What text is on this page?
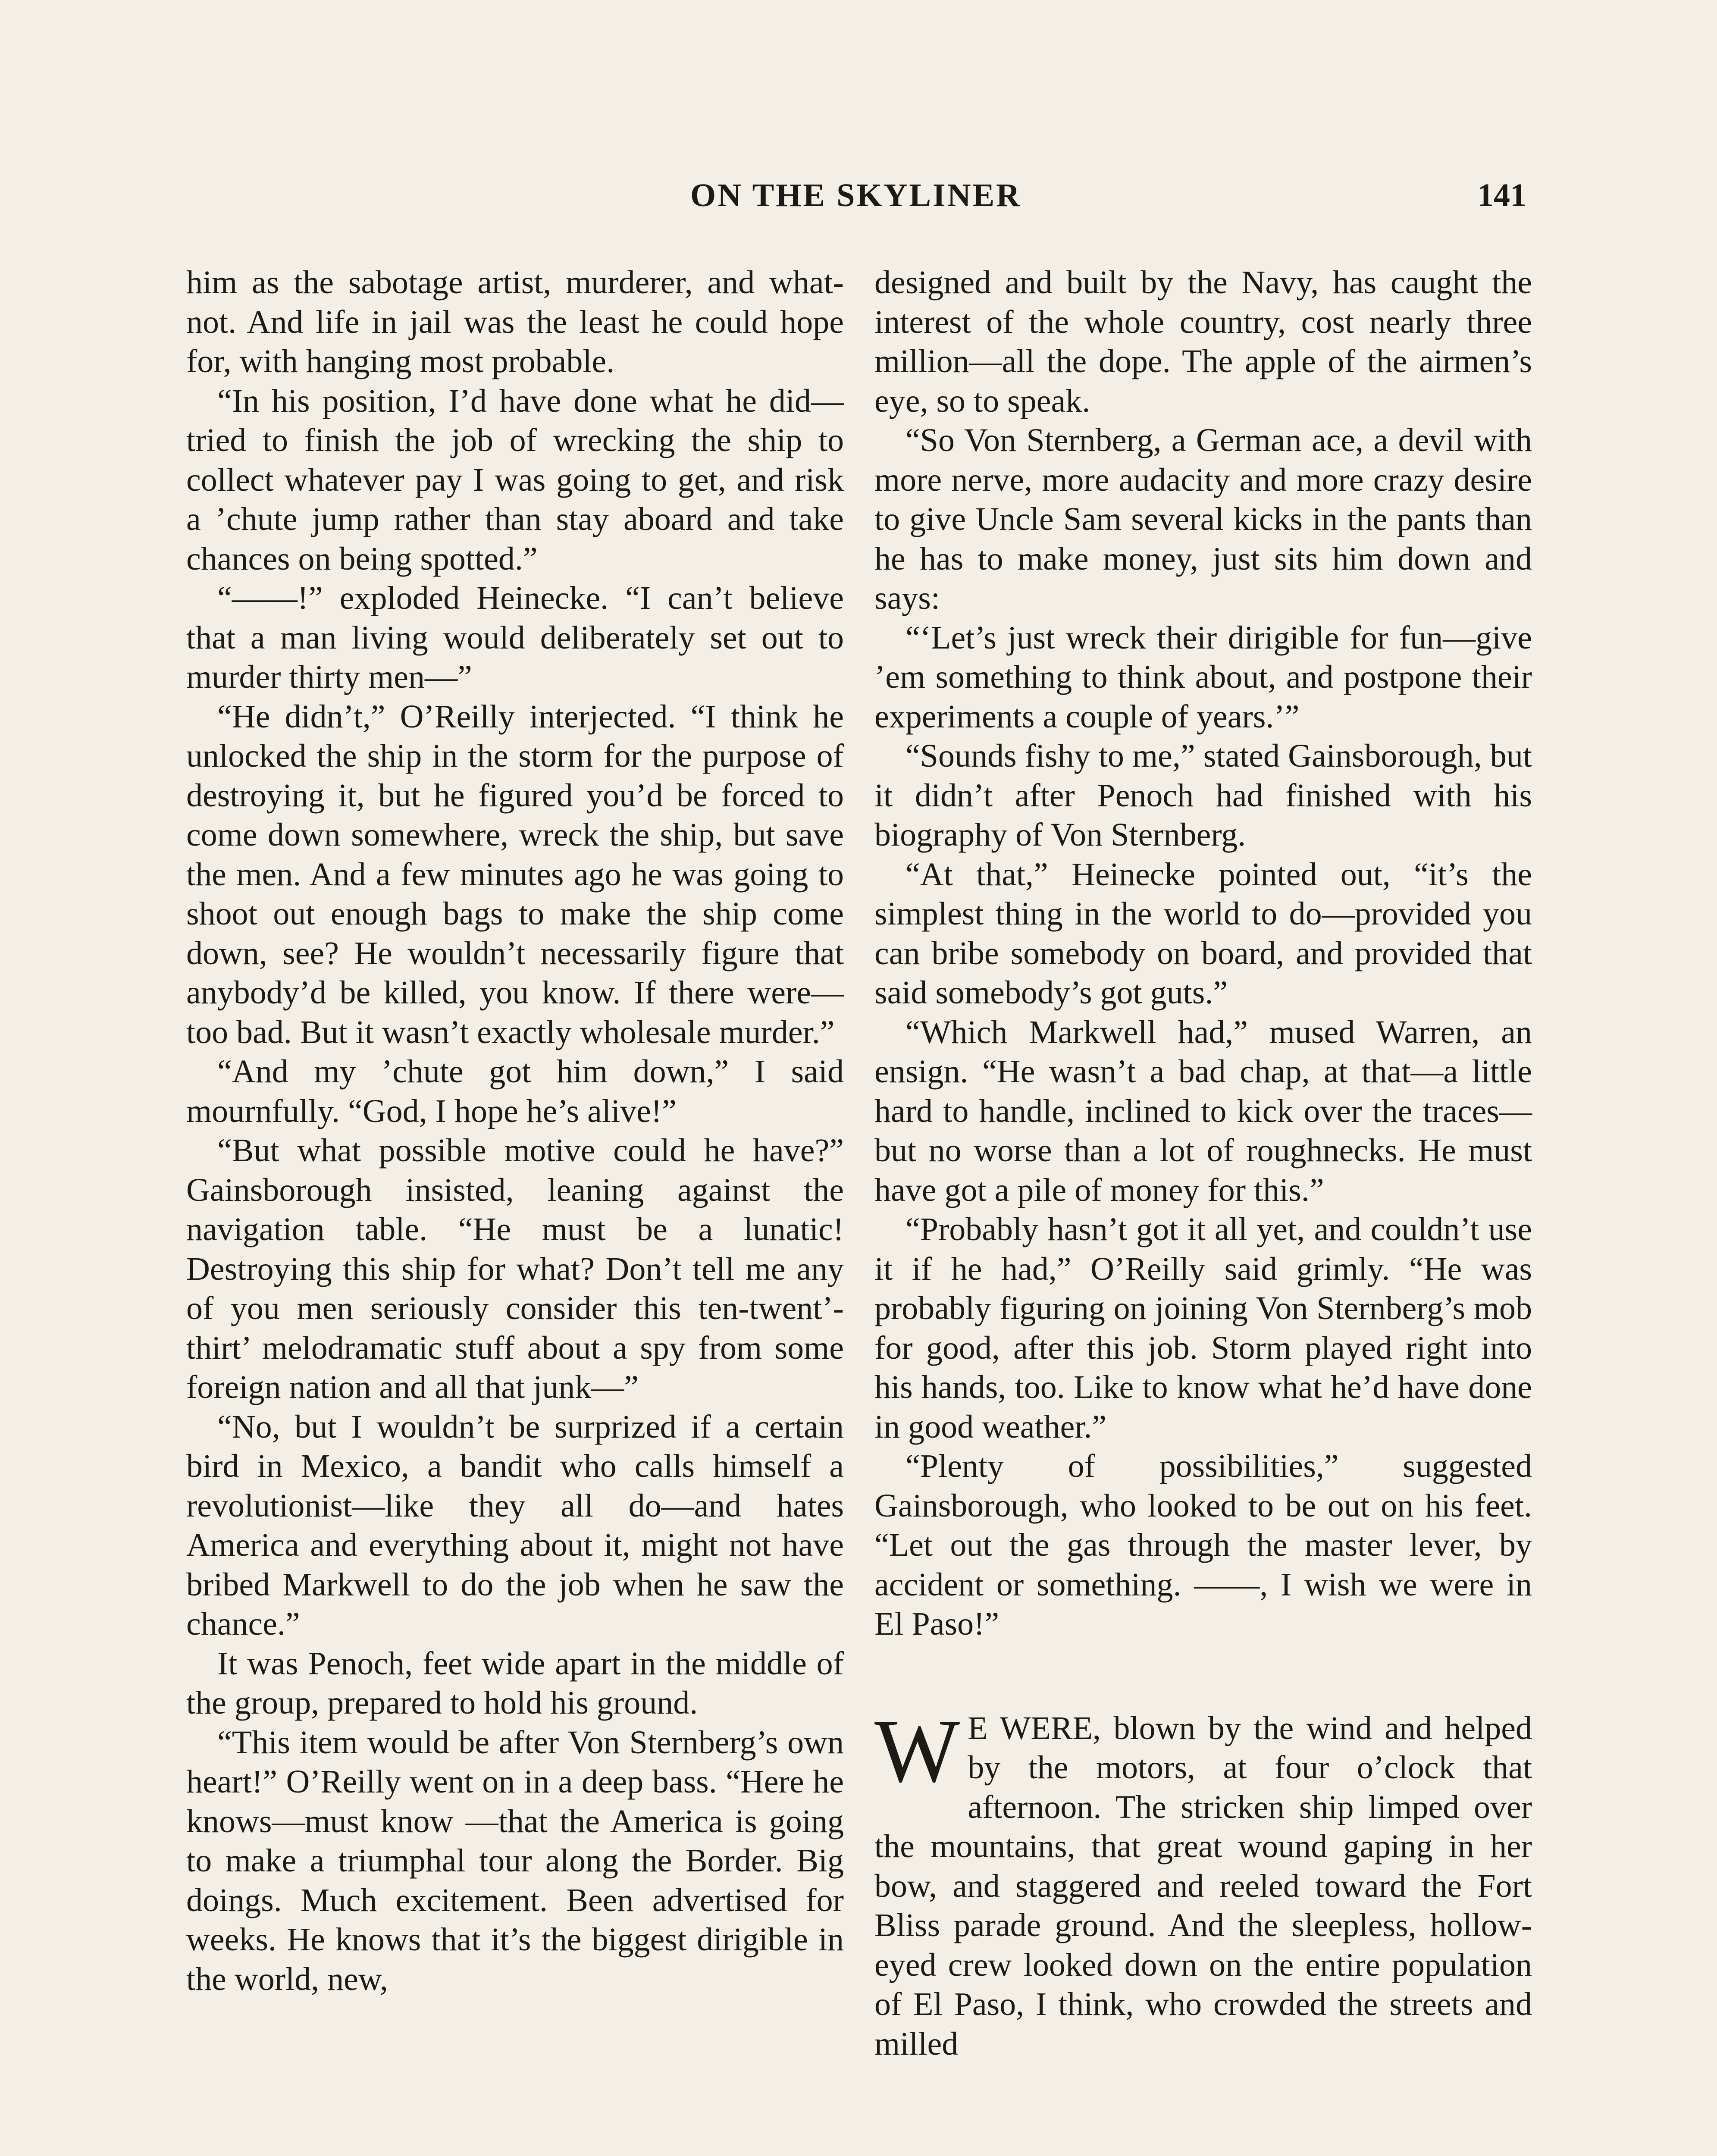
ON THE SKYLINER	141

him as the sabotage artist, murderer, and what-not. And life in jail was the least he could hope for, with hanging most probable.

“In his position, I’d have done what he did—tried to finish the job of wrecking the ship to collect whatever pay I was going to get, and risk a ’chute jump rather than stay aboard and take chances on being spotted.”

“——!” exploded Heinecke. “I can’t believe that a man living would deliberately set out to murder thirty men—”

“He didn’t,” O’Reilly interjected. “I think he unlocked the ship in the storm for the purpose of destroying it, but he figured you’d be forced to come down somewhere, wreck the ship, but save the men. And a few minutes ago he was going to shoot out enough bags to make the ship come down, see? He wouldn’t necessarily figure that anybody’d be killed, you know. If there were—too bad. But it wasn’t exactly wholesale murder.”

“And my ’chute got him down,” I said mournfully. “God, I hope he’s alive!”

“But what possible motive could he have?” Gainsborough insisted, leaning against the navigation table. “He must be a lunatic! Destroying this ship for what? Don’t tell me any of you men seriously consider this ten-twent’-thirt’ melodramatic stuff about a spy from some foreign nation and all that junk—”

“No, but I wouldn’t be surprized if a certain bird in Mexico, a bandit who calls himself a revolutionist—like they all do—and hates America and everything about it, might not have bribed Markwell to do the job when he saw the chance.”

It was Penoch, feet wide apart in the middle of the group, prepared to hold his ground.

“This item would be after Von Sternberg’s own heart!” O’Reilly went on in a deep bass. “Here he knows—must know —that the America is going to make a triumphal tour along the Border. Big doings. Much excitement. Been advertised for weeks. He knows that it’s the biggest dirigible in the world, new,

designed and built by the Navy, has caught the interest of the whole country, cost nearly three million—all the dope. The apple of the airmen’s eye, so to speak.

“So Von Sternberg, a German ace, a devil with more nerve, more audacity and more crazy desire to give Uncle Sam several kicks in the pants than he has to make money, just sits him down and says:

“‘Let’s just wreck their dirigible for fun—give ’em something to think about, and postpone their experiments a couple of years.’”

“Sounds fishy to me,” stated Gainsborough, but it didn’t after Penoch had finished with his biography of Von Sternberg.

“At that,” Heinecke pointed out, “it’s the simplest thing in the world to do—provided you can bribe somebody on board, and provided that said somebody’s got guts.”

“Which Markwell had,” mused Warren, an ensign. “He wasn’t a bad chap, at that—a little hard to handle, inclined to kick over the traces—but no worse than a lot of roughnecks. He must have got a pile of money for this.”

“Probably hasn’t got it all yet, and couldn’t use it if he had,” O’Reilly said grimly. “He was probably figuring on joining Von Sternberg’s mob for good, after this job. Storm played right into his hands, too. Like to know what he’d have done in good weather.”

“Plenty of possibilities,” suggested Gainsborough, who looked to be out on his feet. “Let out the gas through the master lever, by accident or something. ——, I wish we were in El Paso!”

W E WERE, blown by the wind and helped by the motors, at four o’clock that afternoon. The stricken ship limped over the mountains, that great wound gaping in her bow, and staggered and reeled toward the Fort Bliss parade ground. And the sleepless, hollow-eyed crew looked down on the entire population of El Paso, I think, who crowded the streets and milled
